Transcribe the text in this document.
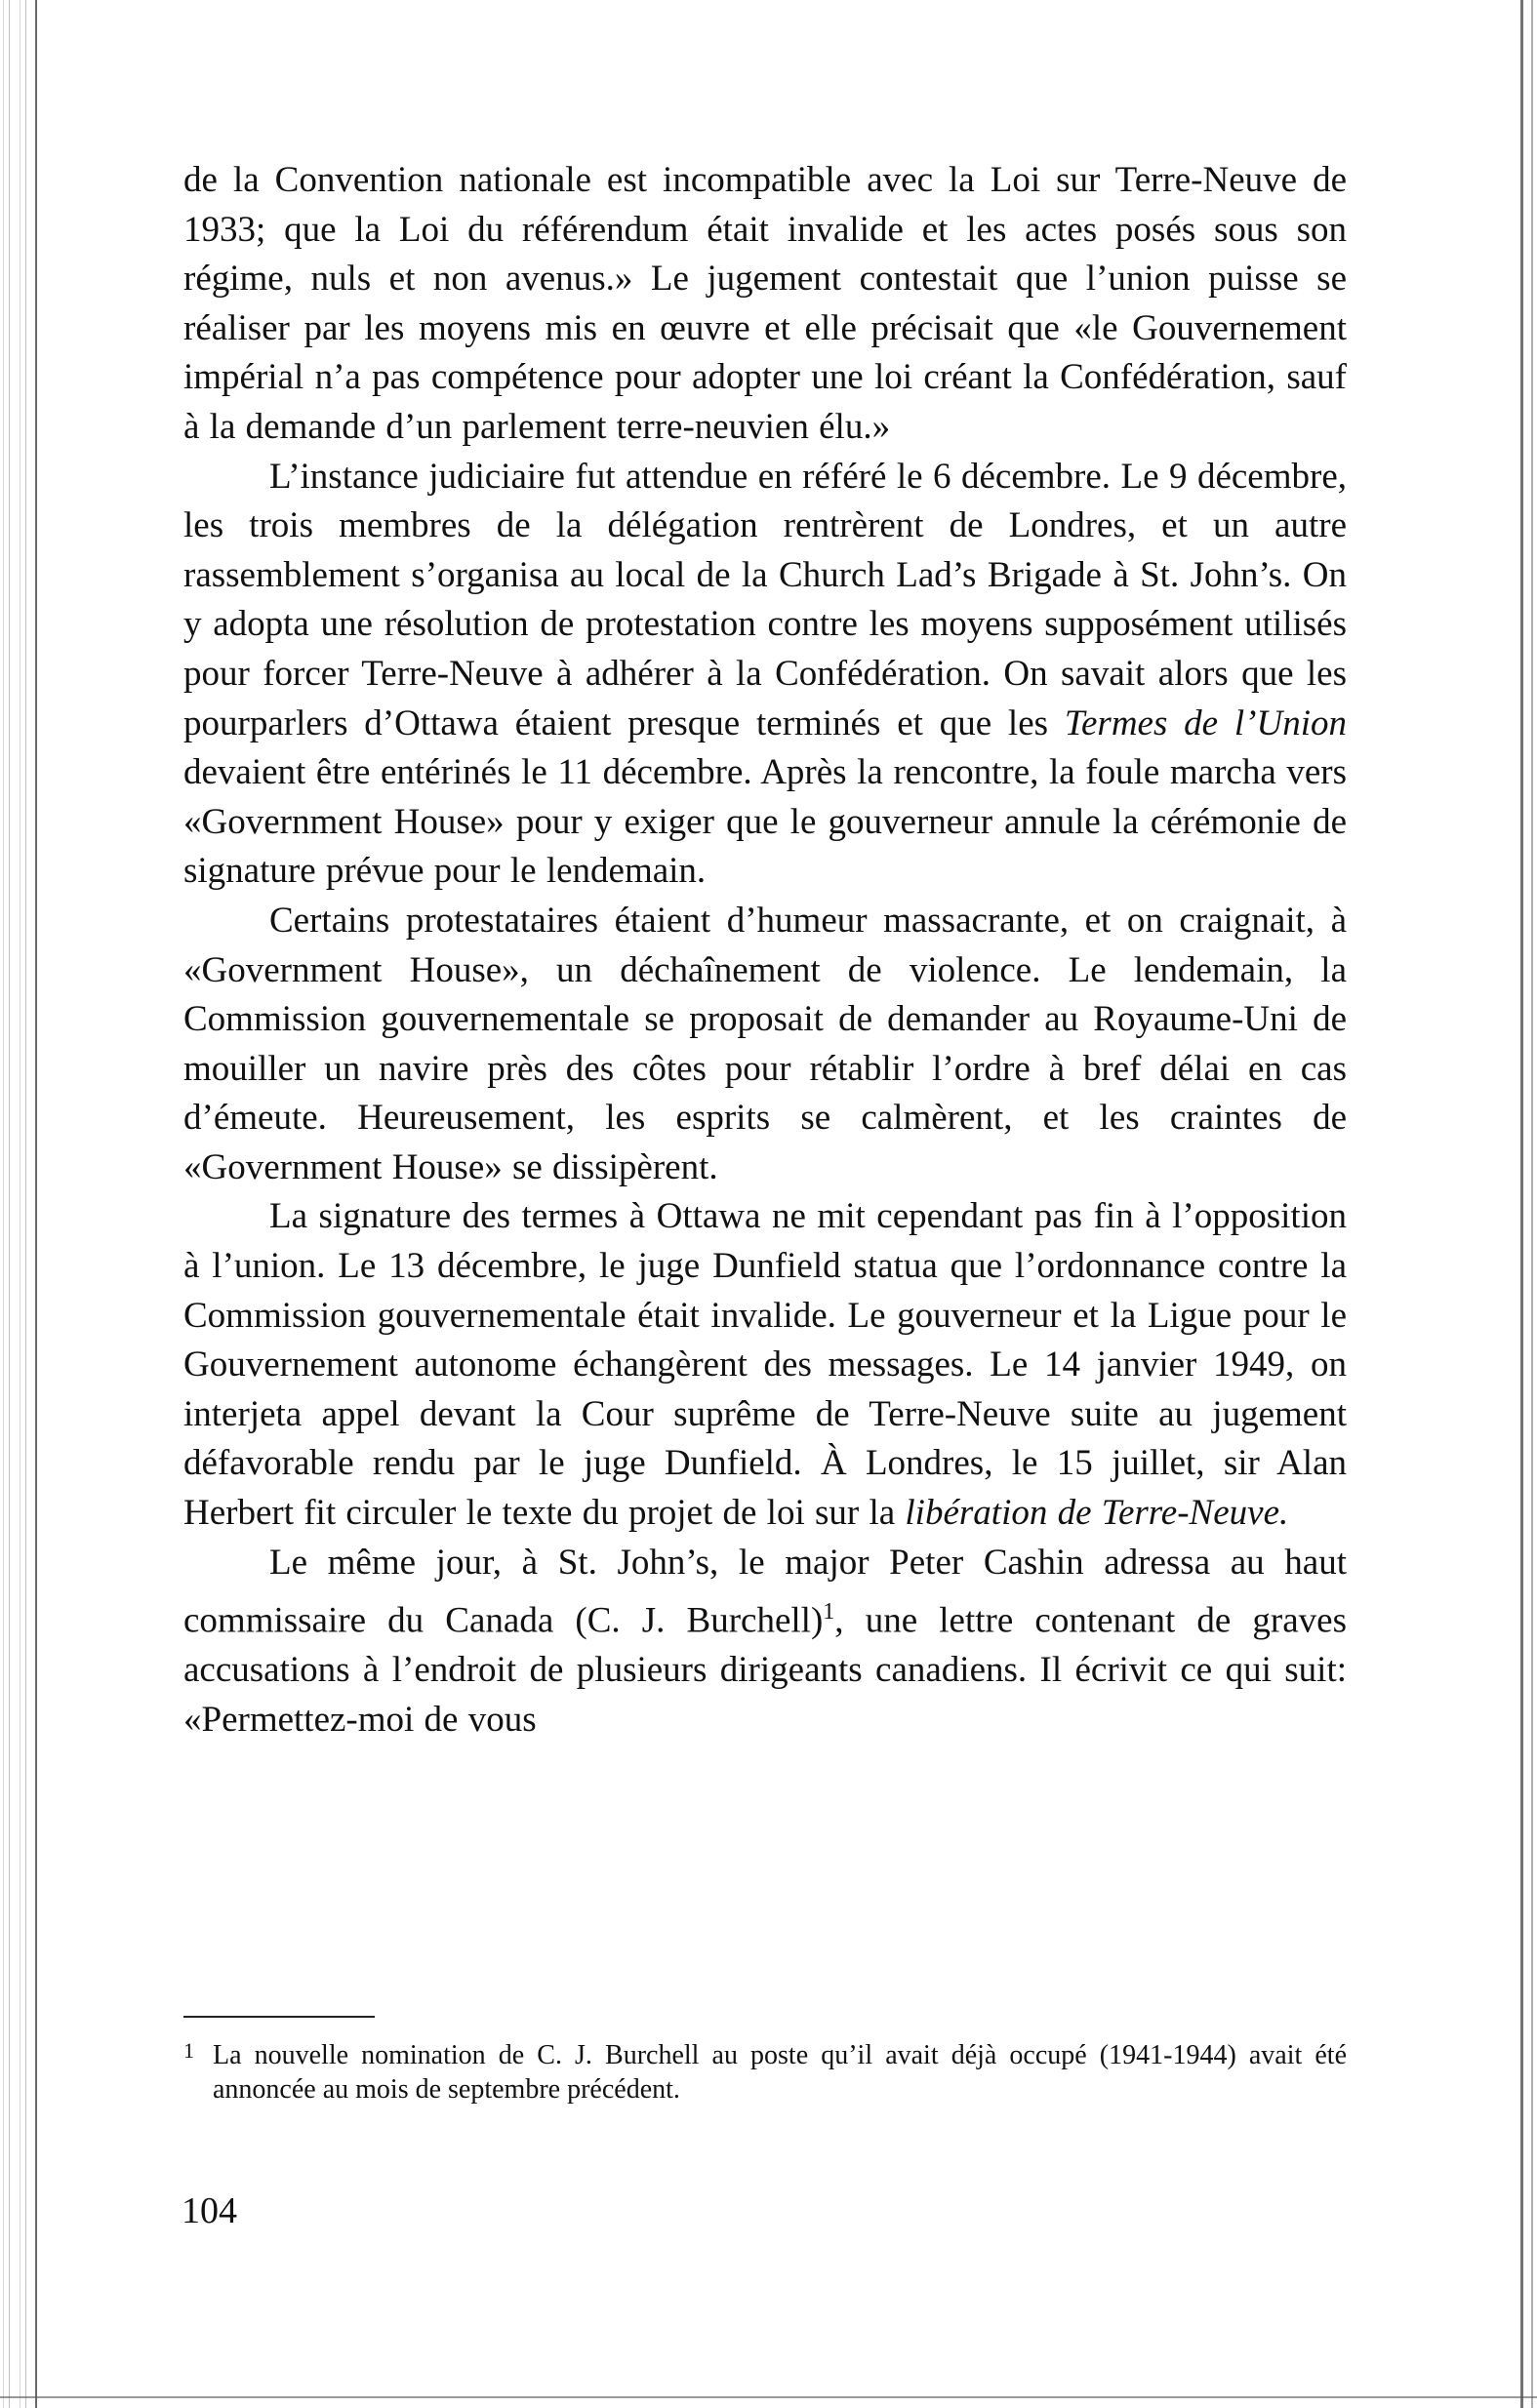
de la Convention nationale est incompatible avec la Loi sur Terre-Neuve de 1933; que la Loi du référendum était invalide et les actes posés sous son régime, nuls et non avenus.» Le jugement contestait que l’union puisse se réaliser par les moyens mis en œuvre et elle précisait que «le Gouvernement impérial n’a pas compétence pour adopter une loi créant la Confédération, sauf à la demande d’un parlement terre-neuvien élu.»

L’instance judiciaire fut attendue en référé le 6 décembre. Le 9 décembre, les trois membres de la délégation rentrèrent de Londres, et un autre rassemblement s’organisa au local de la Church Lad’s Brigade à St. John’s. On y adopta une résolution de protestation contre les moyens supposément utilisés pour forcer Terre-Neuve à adhérer à la Confédération. On savait alors que les pourparlers d’Ottawa étaient presque terminés et que les Termes de l’Union devaient être entérinés le 11 décembre. Après la rencontre, la foule marcha vers «Government House» pour y exiger que le gouverneur annule la cérémonie de signature prévue pour le lendemain.

Certains protestataires étaient d’humeur massacrante, et on craignait, à «Government House», un déchaînement de violence. Le lendemain, la Commission gouvernementale se proposait de demander au Royaume-Uni de mouiller un navire près des côtes pour rétablir l’ordre à bref délai en cas d’émeute. Heureusement, les esprits se calmèrent, et les craintes de «Government House» se dissipèrent.

La signature des termes à Ottawa ne mit cependant pas fin à l’opposition à l’union. Le 13 décembre, le juge Dunfield statua que l’ordonnance contre la Commission gouvernementale était invalide. Le gouverneur et la Ligue pour le Gouvernement autonome échangèrent des messages. Le 14 janvier 1949, on interjeta appel devant la Cour suprême de Terre-Neuve suite au jugement défavorable rendu par le juge Dunfield. À Londres, le 15 juillet, sir Alan Herbert fit circuler le texte du projet de loi sur la libération de Terre-Neuve.

Le même jour, à St. John’s, le major Peter Cashin adressa au haut commissaire du Canada (C. J. Burchell)$^1$, une lettre contenant de graves accusations à l’endroit de plusieurs dirigeants canadiens. Il écrivit ce qui suit: «Permettez-moi de vous

1 La nouvelle nomination de C. J. Burchell au poste qu’il avait déjà occupé (1941-1944) avait été annoncée au mois de septembre précédent.
104
